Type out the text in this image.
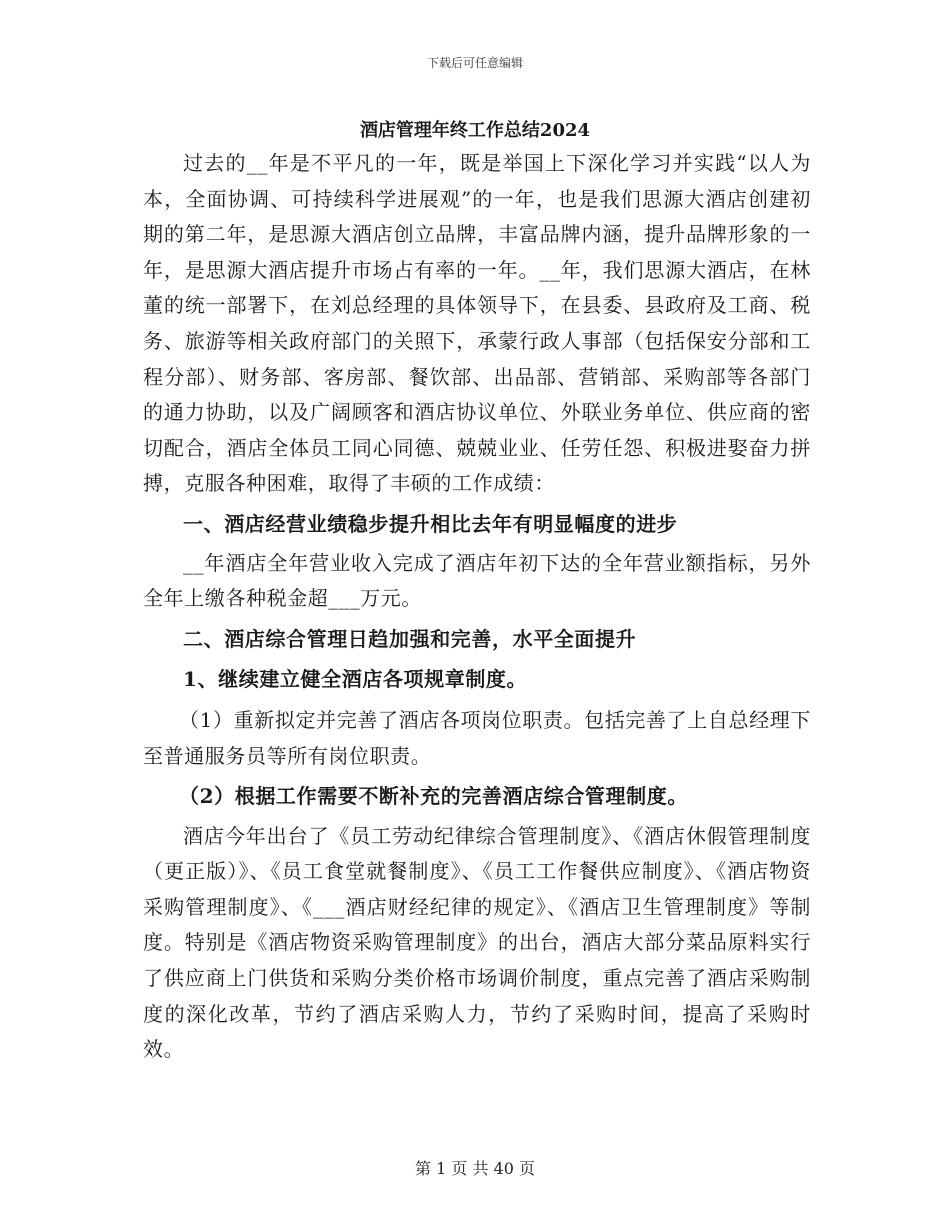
下载后可任意编辑
酒店管理年终工作总结2024

过去的__年是不平凡的一年，既是举国上下深化学习并实践“以人为本，全面协调、可持续科学进展观”的一年，也是我们思源大酒店创建初期的第二年，是思源大酒店创立品牌，丰富品牌内涵，提升品牌形象的一年，是思源大酒店提升市场占有率的一年。__年，我们思源大酒店，在林董的统一部署下，在刘总经理的具体领导下，在县委、县政府及工商、税务、旅游等相关政府部门的关照下，承蒙行政人事部（包括保安分部和工程分部）、财务部、客房部、餐饮部、出品部、营销部、采购部等各部门的通力协助，以及广阔顾客和酒店协议单位、外联业务单位、供应商的密切配合，酒店全体员工同心同德、兢兢业业、任劳任怨、积极进娶奋力拼搏，克服各种困难，取得了丰硕的工作成绩：

一、酒店经营业绩稳步提升相比去年有明显幅度的进步

__年酒店全年营业收入完成了酒店年初下达的全年营业额指标，另外全年上缴各种税金超___万元。

二、酒店综合管理日趋加强和完善，水平全面提升

1、继续建立健全酒店各项规章制度。

（1）重新拟定并完善了酒店各项岗位职责。包括完善了上自总经理下至普通服务员等所有岗位职责。

（2）根据工作需要不断补充的完善酒店综合管理制度。

酒店今年出台了《员工劳动纪律综合管理制度》、《酒店休假管理制度（更正版）》、《员工食堂就餐制度》、《员工工作餐供应制度》、《酒店物资采购管理制度》、《___酒店财经纪律的规定》、《酒店卫生管理制度》等制度。特别是《酒店物资采购管理制度》的出台，酒店大部分菜品原料实行了供应商上门供货和采购分类价格市场调价制度，重点完善了酒店采购制度的深化改革，节约了酒店采购人力，节约了采购时间，提高了采购时效。

第 1 页 共 40 页
